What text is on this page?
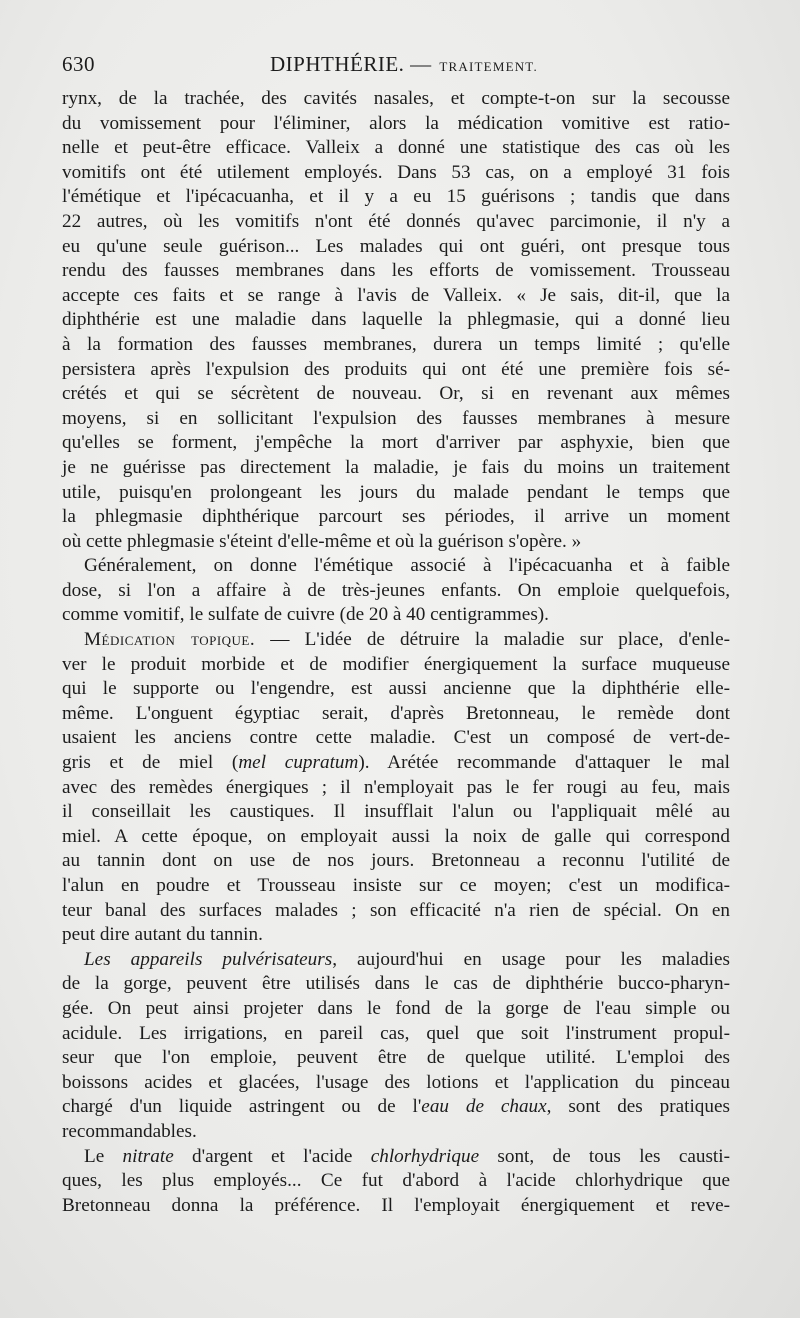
630	DIPHTHÉRIE. — TRAITEMENT.
rynx, de la trachée, des cavités nasales, et compte-t-on sur la secousse
du vomissement pour l'éliminer, alors la médication vomitive est ratio-
nelle et peut-être efficace. Valleix a donné une statistique des cas où les
vomitifs ont été utilement employés. Dans 53 cas, on a employé 31 fois
l'émétique et l'ipécacuanha, et il y a eu 15 guérisons ; tandis que dans
22 autres, où les vomitifs n'ont été donnés qu'avec parcimonie, il n'y a
eu qu'une seule guérison... Les malades qui ont guéri, ont presque tous
rendu des fausses membranes dans les efforts de vomissement. Trousseau
accepte ces faits et se range à l'avis de Valleix. « Je sais, dit-il, que la
diphthérie est une maladie dans laquelle la phlegmasie, qui a donné lieu
à la formation des fausses membranes, durera un temps limité ; qu'elle
persistera après l'expulsion des produits qui ont été une première fois sé-
crétés et qui se sécrètent de nouveau. Or, si en revenant aux mêmes
moyens, si en sollicitant l'expulsion des fausses membranes à mesure
qu'elles se forment, j'empêche la mort d'arriver par asphyxie, bien que
je ne guérisse pas directement la maladie, je fais du moins un traitement
utile, puisqu'en prolongeant les jours du malade pendant le temps que
la phlegmasie diphthérique parcourt ses périodes, il arrive un moment
où cette phlegmasie s'éteint d'elle-même et où la guérison s'opère. »
Généralement, on donne l'émétique associé à l'ipécacuanha et à faible
dose, si l'on a affaire à de très-jeunes enfants. On emploie quelquefois,
comme vomitif, le sulfate de cuivre (de 20 à 40 centigrammes).
Médication topique. — L'idée de détruire la maladie sur place, d'enle-
ver le produit morbide et de modifier énergiquement la surface muqueuse
qui le supporte ou l'engendre, est aussi ancienne que la diphthérie elle-
même. L'onguent égyptiac serait, d'après Bretonneau, le remède dont
usaient les anciens contre cette maladie. C'est un composé de vert-de-
gris et de miel (mel cupratum). Arétée recommande d'attaquer le mal
avec des remèdes énergiques ; il n'employait pas le fer rougi au feu, mais
il conseillait les caustiques. Il insufflait l'alun ou l'appliquait mêlé au
miel. A cette époque, on employait aussi la noix de galle qui correspond
au tannin dont on use de nos jours. Bretonneau a reconnu l'utilité de
l'alun en poudre et Trousseau insiste sur ce moyen; c'est un modifica-
teur banal des surfaces malades ; son efficacité n'a rien de spécial. On en
peut dire autant du tannin.
Les appareils pulvérisateurs, aujourd'hui en usage pour les maladies
de la gorge, peuvent être utilisés dans le cas de diphthérie bucco-pharyn-
gée. On peut ainsi projeter dans le fond de la gorge de l'eau simple ou
acidule. Les irrigations, en pareil cas, quel que soit l'instrument propul-
seur que l'on emploie, peuvent être de quelque utilité. L'emploi des
boissons acides et glacées, l'usage des lotions et l'application du pinceau
chargé d'un liquide astringent ou de l'eau de chaux, sont des pratiques
recommandables.
Le nitrate d'argent et l'acide chlorhydrique sont, de tous les causti-
ques, les plus employés... Ce fut d'abord à l'acide chlorhydrique que
Bretonneau donna la préférence. Il l'employait énergiquement et reve-
